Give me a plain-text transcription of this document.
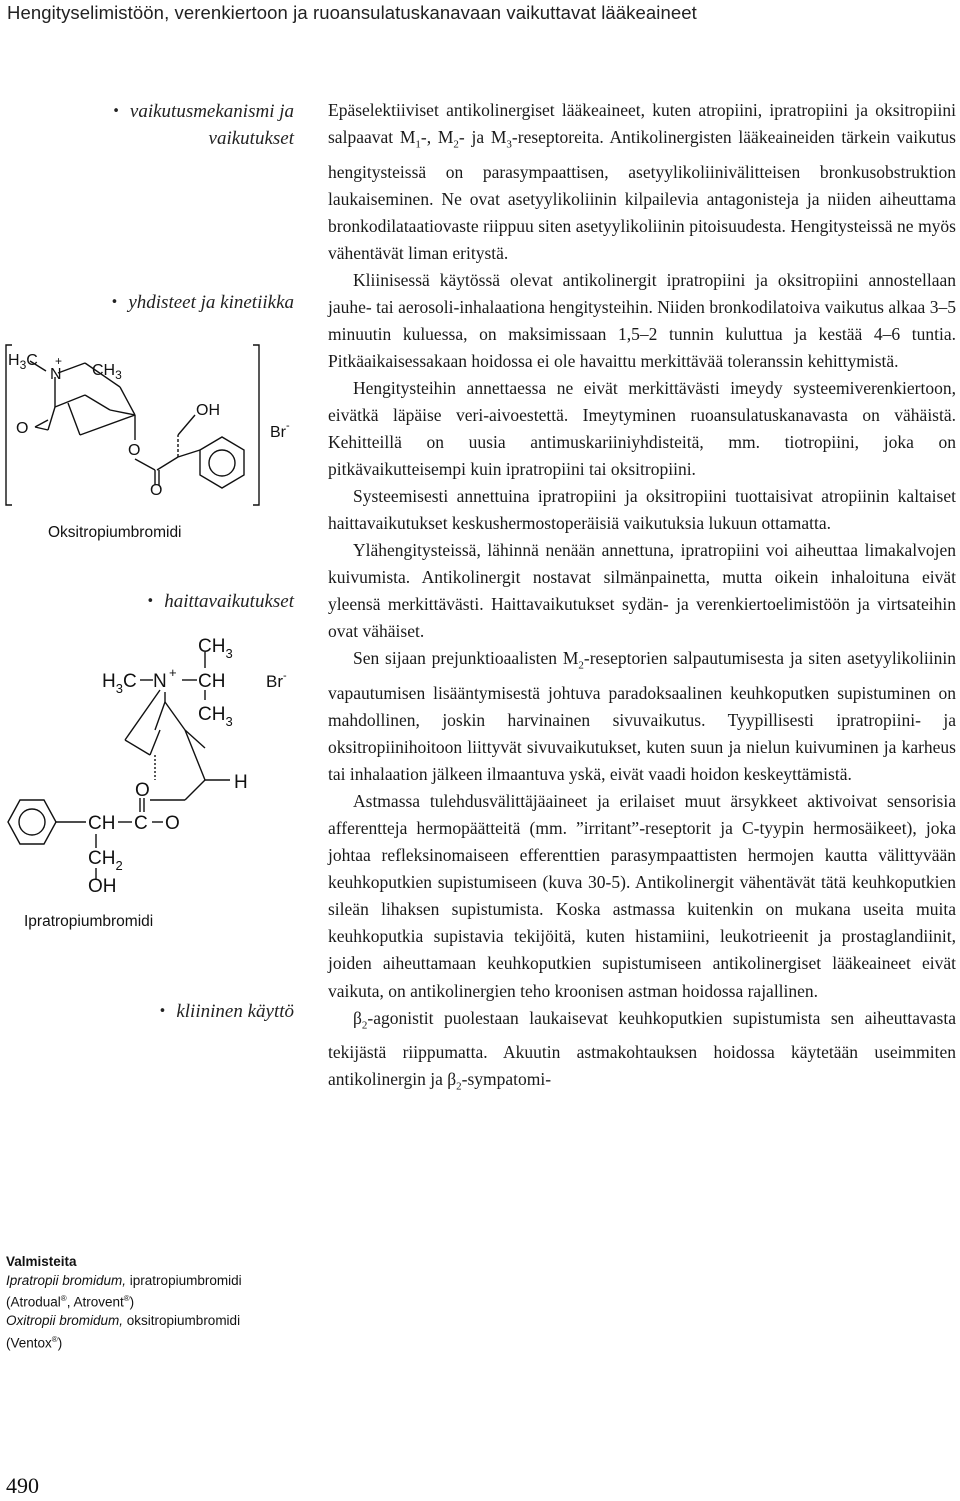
Hengityselimistöön, verenkiertoon ja ruoansulatuskanavaan vaikuttavat lääkeaineet
• vaikutusmekanismi ja
vaikutukset
• yhdisteet ja kinetiikka
• haittavaikutukset
• kliininen käyttö
$H_3C$
N
+
$CH_3$
O
O
O
OH
Br-
Oksitropiumbromidi
$CH_3$
$H_3C$ N + CH
$CH_3$
Br-
H
O
CH C O
$CH_2$
OH
Ipratropiumbromidi
Valmisteita
Ipratropii bromidum, ipratropiumbromidi
(Atrodual®, Atrovent®)
Oxitropii bromidum, oksitropiumbromidi
(Ventox®)

Epäselektiiviset antikolinergiset lääkeaineet, kuten atropiini, ipratropiini ja oksitropiini salpaavat $M_1-$, $M_2-$ ja $M_3$-reseptoreita. Antikolinergisten lääkeaineiden tärkein vaikutus hengitysteissä on parasympaattisen, asetyylikoliinivälitteisen bronkusobstruktion laukaiseminen. Ne ovat asetyylikoliinin kilpailevia antagonisteja ja niiden aiheuttama bronkodilataatiovaste riippuu siten asetyylikoliinin pitoisuudesta. Hengitysteissä ne myös vähentävät liman eritystä.

Kliinisessä käytössä olevat antikolinergit ipratropiini ja oksitropiini annostellaan jauhe- tai aerosoli-inhalaationa hengitysteihin. Niiden bronkodilatoiva vaikutus alkaa 3–5 minuutin kuluessa, on maksimissaan 1,5–2 tunnin kuluttua ja kestää 4–6 tuntia. Pitkäaikaisessakaan hoidossa ei ole havaittu merkittävää toleranssin kehittymistä.

Hengitysteihin annettaessa ne eivät merkittävästi imeydy systeemiverenkiertoon, eivätkä läpäise veri-aivoestettä. Imeytyminen ruoansulatuskanavasta on vähäistä. Kehitteillä on uusia antimuskariiniyhdisteitä, mm. tiotropiini, joka on pitkävaikutteisempi kuin ipratropiini tai oksitropiini.

Systeemisesti annettuina ipratropiini ja oksitropiini tuottaisivat atropiinin kaltaiset haittavaikutukset keskushermostoperäisiä vaikutuksia lukuun ottamatta.

Ylähengitysteissä, lähinnä nenään annettuna, ipratropiini voi aiheuttaa limakalvojen kuivumista. Antikolinergit nostavat silmänpainetta, mutta oikein inhaloituna eivät yleensä merkittävästi. Haittavaikutukset sydän- ja verenkiertoelimistöön ja virtsateihin ovat vähäiset.

Sen sijaan prejunktioaalisten $M_2$-reseptorien salpautumisesta ja siten asetyylikoliinin vapautumisen lisääntymisestä johtuva paradoksaalinen keuhkoputken supistuminen on mahdollinen, joskin harvinainen sivuvaikutus. Tyypillisesti ipratropiini- ja oksitropiinihoitoon liittyvät sivuvaikutukset, kuten suun ja nielun kuivuminen ja karheus tai inhalaation jälkeen ilmaantuva yskä, eivät vaadi hoidon keskeyttämistä.

Astmassa tulehdusvälittäjäaineet ja erilaiset muut ärsykkeet aktivoivat sensorisia afferentteja hermopäätteitä (mm. ”irritant”-reseptorit ja C-tyypin hermosäikeet), joka johtaa refleksinomaiseen efferenttien parasympaattisten hermojen kautta välittyvään keuhkoputkien supistumiseen (kuva 30-5). Antikolinergit vähentävät tätä keuhkoputkien sileän lihaksen supistumista. Koska astmassa kuitenkin on mukana useita muita keuhkoputkia supistavia tekijöitä, kuten histamiini, leukotrieenit ja prostaglandiinit, joiden aiheuttamaan keuhkoputkien supistumiseen antikolinergiset lääkeaineet eivät vaikuta, on antikolinergien teho kroonisen astman hoidossa rajallinen.

$\beta_2$-agonistit puolestaan laukaisevat keuhkoputkien supistumista sen aiheuttavasta tekijästä riippumatta. Akuutin astmakohtauksen hoidossa käytetään useimmiten antikolinergin ja $\beta_2-sympatomi-$

490
